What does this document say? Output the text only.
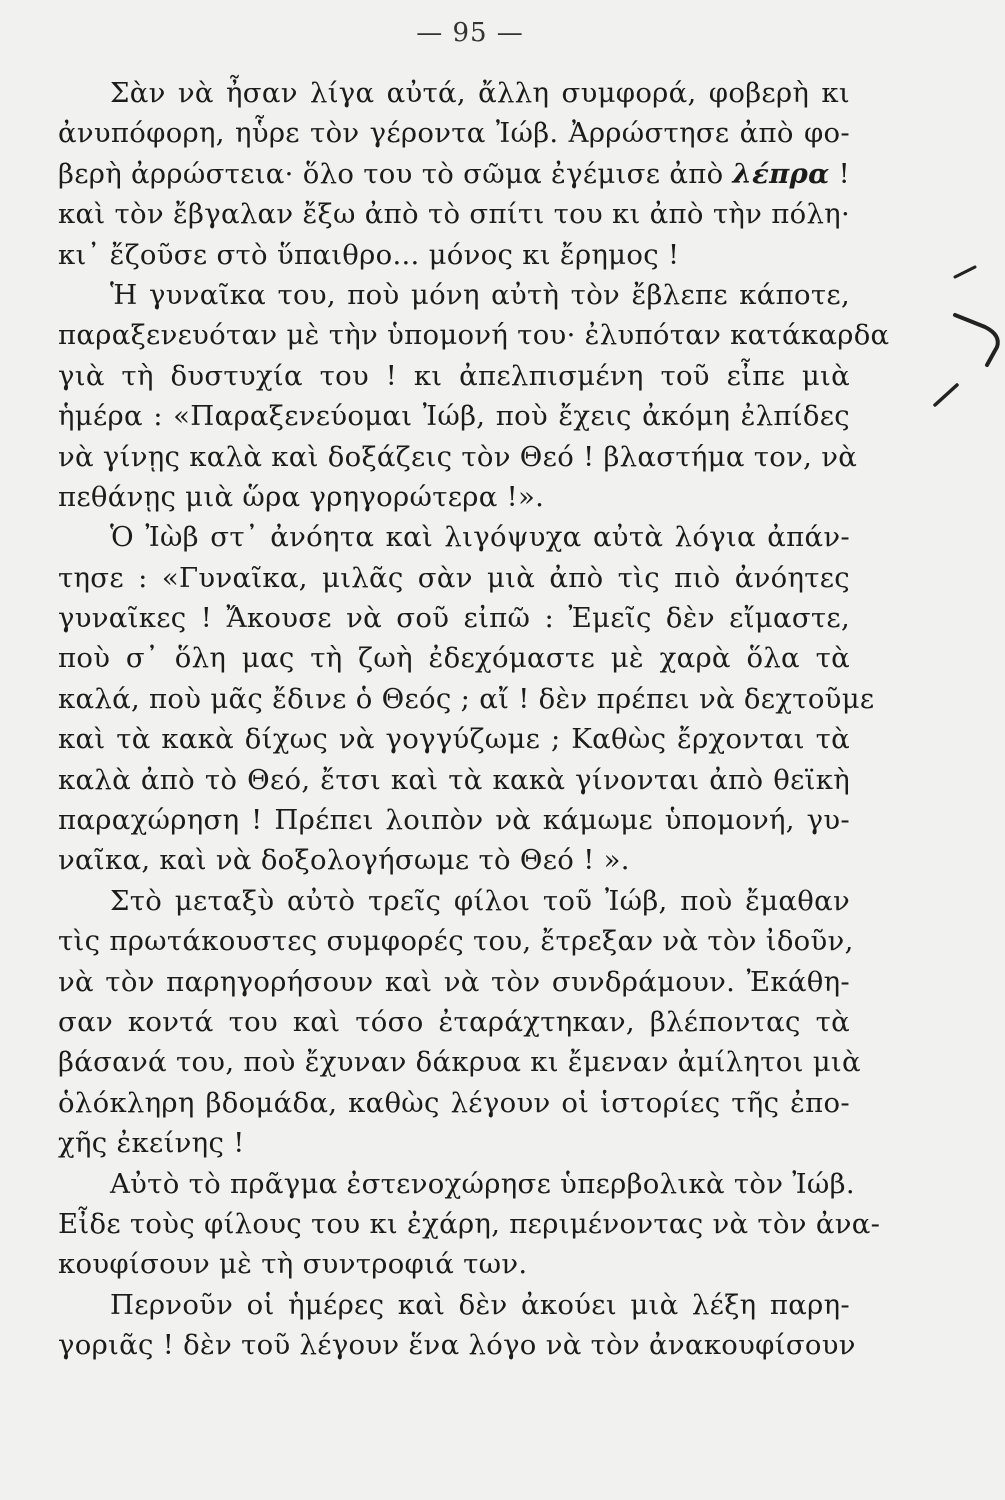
— 95 —
Σὰν νὰ ἦσαν λίγα αὐτά, ἄλλη συμφορά, φοβερὴ κι
ἀνυπόφορη, ηὗρε τὸν γέροντα Ἰώβ. Ἀρρώστησε ἀπὸ φο-
βερὴ ἀρρώστεια· ὅλο του τὸ σῶμα ἐγέμισε ἀπὸ λέπρα !
καὶ τὸν ἔβγαλαν ἔξω ἀπὸ τὸ σπίτι του κι ἀπὸ τὴν πόλη·
κι᾽ ἔζοῦσε στὸ ὕπαιθρο... μόνος κι ἔρημος !
Ἡ γυναῖκα του, ποὺ μόνη αὐτὴ τὸν ἔβλεπε κάποτε,
παραξενευόταν μὲ τὴν ὑπομονή του· ἐλυπόταν κατάκαρδα
γιὰ τὴ δυστυχία του ! κι ἀπελπισμένη τοῦ εἶπε μιὰ
ἡμέρα : «Παραξενεύομαι Ἰώβ, ποὺ ἔχεις ἀκόμη ἐλπίδες
νὰ γίνῃς καλὰ καὶ δοξάζεις τὸν Θεό ! βλαστήμα τον, νὰ
πεθάνῃς μιὰ ὥρα γρηγορώτερα !».
Ὁ Ἰὼβ στ᾽ ἀνόητα καὶ λιγόψυχα αὐτὰ λόγια ἀπάν-
τησε : «Γυναῖκα, μιλᾶς σὰν μιὰ ἀπὸ τὶς πιὸ ἀνόητες
γυναῖκες ! Ἄκουσε νὰ σοῦ εἰπῶ : Ἐμεῖς δὲν εἴμαστε,
ποὺ σ᾽ ὅλη μας τὴ ζωὴ ἐδεχόμαστε μὲ χαρὰ ὅλα τὰ
καλά, ποὺ μᾶς ἔδινε ὁ Θεός ; αἴ ! δὲν πρέπει νὰ δεχτοῦμε
καὶ τὰ κακὰ δίχως νὰ γογγύζωμε ; Καθὼς ἔρχονται τὰ
καλὰ ἀπὸ τὸ Θεό, ἔτσι καὶ τὰ κακὰ γίνονται ἀπὸ θεϊκὴ
παραχώρηση ! Πρέπει λοιπὸν νὰ κάμωμε ὑπομονή, γυ-
ναῖκα, καὶ νὰ δοξολογήσωμε τὸ Θεό ! ».
Στὸ μεταξὺ αὐτὸ τρεῖς φίλοι τοῦ Ἰώβ, ποὺ ἔμαθαν
τὶς πρωτάκουστες συμφορές του, ἔτρεξαν νὰ τὸν ἰδοῦν,
νὰ τὸν παρηγορήσουν καὶ νὰ τὸν συνδράμουν. Ἐκάθη-
σαν κοντά του καὶ τόσο ἐταράχτηκαν, βλέποντας τὰ
βάσανά του, ποὺ ἔχυναν δάκρυα κι ἔμεναν ἀμίλητοι μιὰ
ὁλόκληρη βδομάδα, καθὼς λέγουν οἱ ἱστορίες τῆς ἐπο-
χῆς ἐκείνης !
Αὐτὸ τὸ πρᾶγμα ἐστενοχώρησε ὑπερβολικὰ τὸν Ἰώβ.
Εἶδε τοὺς φίλους του κι ἐχάρη, περιμένοντας νὰ τὸν ἀνα-
κουφίσουν μὲ τὴ συντροφιά των.
Περνοῦν οἱ ἡμέρες καὶ δὲν ἀκούει μιὰ λέξη παρη-
γοριᾶς ! δὲν τοῦ λέγουν ἕνα λόγο νὰ τὸν ἀνακουφίσουν
